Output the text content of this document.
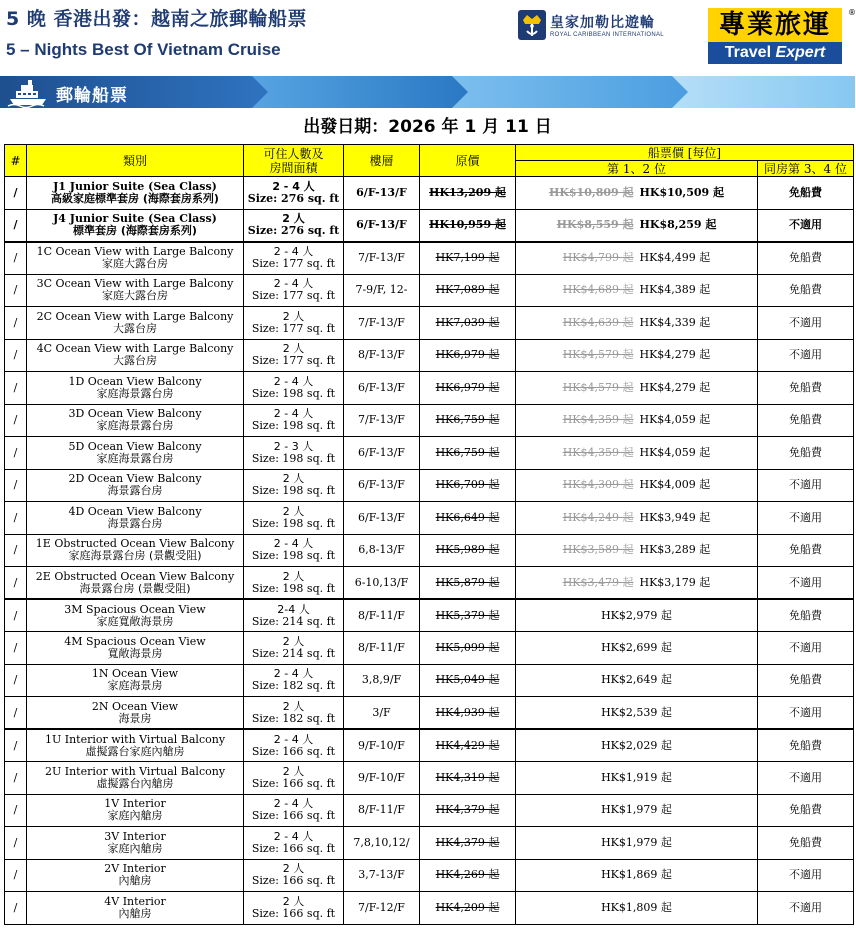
5 晚 香港出發：越南之旅郵輪船票
5 – Nights Best Of Vietnam Cruise
皇家加勒比遊輪
ROYAL CARIBBEAN INTERNATIONAL	專業旅運
Travel Expert
®
郵輪船票
出發日期：2026 年 1 月 11 日
#	類別	可住人數及
房間面積	樓層	原價	船票價 [每位]	
					第 1、2 位	同房第 3、4 位
/	J1 Junior Suite (Sea Class)
高級家庭標準套房 (海際套房系列)	2 - 4 人
Size: 276 sq. ft	6/F-13/F	HK13,209 起	HK$10,809 起 HK$10,509 起	免船費
/	J4 Junior Suite (Sea Class)
標準套房 (海際套房系列)	2 人
Size: 276 sq. ft	6/F-13/F	HK10,959 起	HK$8,559 起 HK$8,259 起	不適用
/	1C Ocean View with Large Balcony
家庭大露台房	2 - 4 人
Size: 177 sq. ft	7/F-13/F	HK7,199 起	HK$4,799 起 HK$4,499 起	免船費
/	3C Ocean View with Large Balcony
家庭大露台房	2 - 4 人
Size: 177 sq. ft	7-9/F, 12-	HK7,089 起	HK$4,689 起 HK$4,389 起	免船費
/	2C Ocean View with Large Balcony
大露台房	2 人
Size: 177 sq. ft	7/F-13/F	HK7,039 起	HK$4,639 起 HK$4,339 起	不適用
/	4C Ocean View with Large Balcony
大露台房	2 人
Size: 177 sq. ft	8/F-13/F	HK6,979 起	HK$4,579 起 HK$4,279 起	不適用
/	1D Ocean View Balcony
家庭海景露台房	2 - 4 人
Size: 198 sq. ft	6/F-13/F	HK6,979 起	HK$4,579 起 HK$4,279 起	免船費
/	3D Ocean View Balcony
家庭海景露台房	2 - 4 人
Size: 198 sq. ft	7/F-13/F	HK6,759 起	HK$4,359 起 HK$4,059 起	免船費
/	5D Ocean View Balcony
家庭海景露台房	2 - 3 人
Size: 198 sq. ft	6/F-13/F	HK6,759 起	HK$4,359 起 HK$4,059 起	免船費
/	2D Ocean View Balcony
海景露台房	2 人
Size: 198 sq. ft	6/F-13/F	HK6,709 起	HK$4,309 起 HK$4,009 起	不適用
/	4D Ocean View Balcony
海景露台房	2 人
Size: 198 sq. ft	6/F-13/F	HK6,649 起	HK$4,249 起 HK$3,949 起	不適用
/	1E Obstructed Ocean View Balcony
家庭海景露台房 (景觀受阻)	2 - 4 人
Size: 198 sq. ft	6,8-13/F	HK5,989 起	HK$3,589 起 HK$3,289 起	免船費
/	2E Obstructed Ocean View Balcony
海景露台房 (景觀受阻)	2 人
Size: 198 sq. ft	6-10,13/F	HK5,879 起	HK$3,479 起 HK$3,179 起	不適用
/	3M Spacious Ocean View
家庭寬敞海景房	2-4 人
Size: 214 sq. ft	8/F-11/F	HK5,379 起	HK$2,979 起	免船費
/	4M Spacious Ocean View
寬敞海景房	2 人
Size: 214 sq. ft	8/F-11/F	HK5,099 起	HK$2,699 起	不適用
/	1N Ocean View
家庭海景房	2 - 4 人
Size: 182 sq. ft	3,8,9/F	HK5,049 起	HK$2,649 起	免船費
/	2N Ocean View
海景房	2 人
Size: 182 sq. ft	3/F	HK4,939 起	HK$2,539 起	不適用
/	1U Interior with Virtual Balcony
虛擬露台家庭內艙房	2 - 4 人
Size: 166 sq. ft	9/F-10/F	HK4,429 起	HK$2,029 起	免船費
/	2U Interior with Virtual Balcony
虛擬露台內艙房	2 人
Size: 166 sq. ft	9/F-10/F	HK4,319 起	HK$1,919 起	不適用
/	1V Interior
家庭內艙房	2 - 4 人
Size: 166 sq. ft	8/F-11/F	HK4,379 起	HK$1,979 起	免船費
/	3V Interior
家庭內艙房	2 - 4 人
Size: 166 sq. ft	7,8,10,12/	HK4,379 起	HK$1,979 起	免船費
/	2V Interior
內艙房	2 人
Size: 166 sq. ft	3,7-13/F	HK4,269 起	HK$1,869 起	不適用
/	4V Interior
內艙房	2 人
Size: 166 sq. ft	7/F-12/F	HK4,209 起	HK$1,809 起	不適用
